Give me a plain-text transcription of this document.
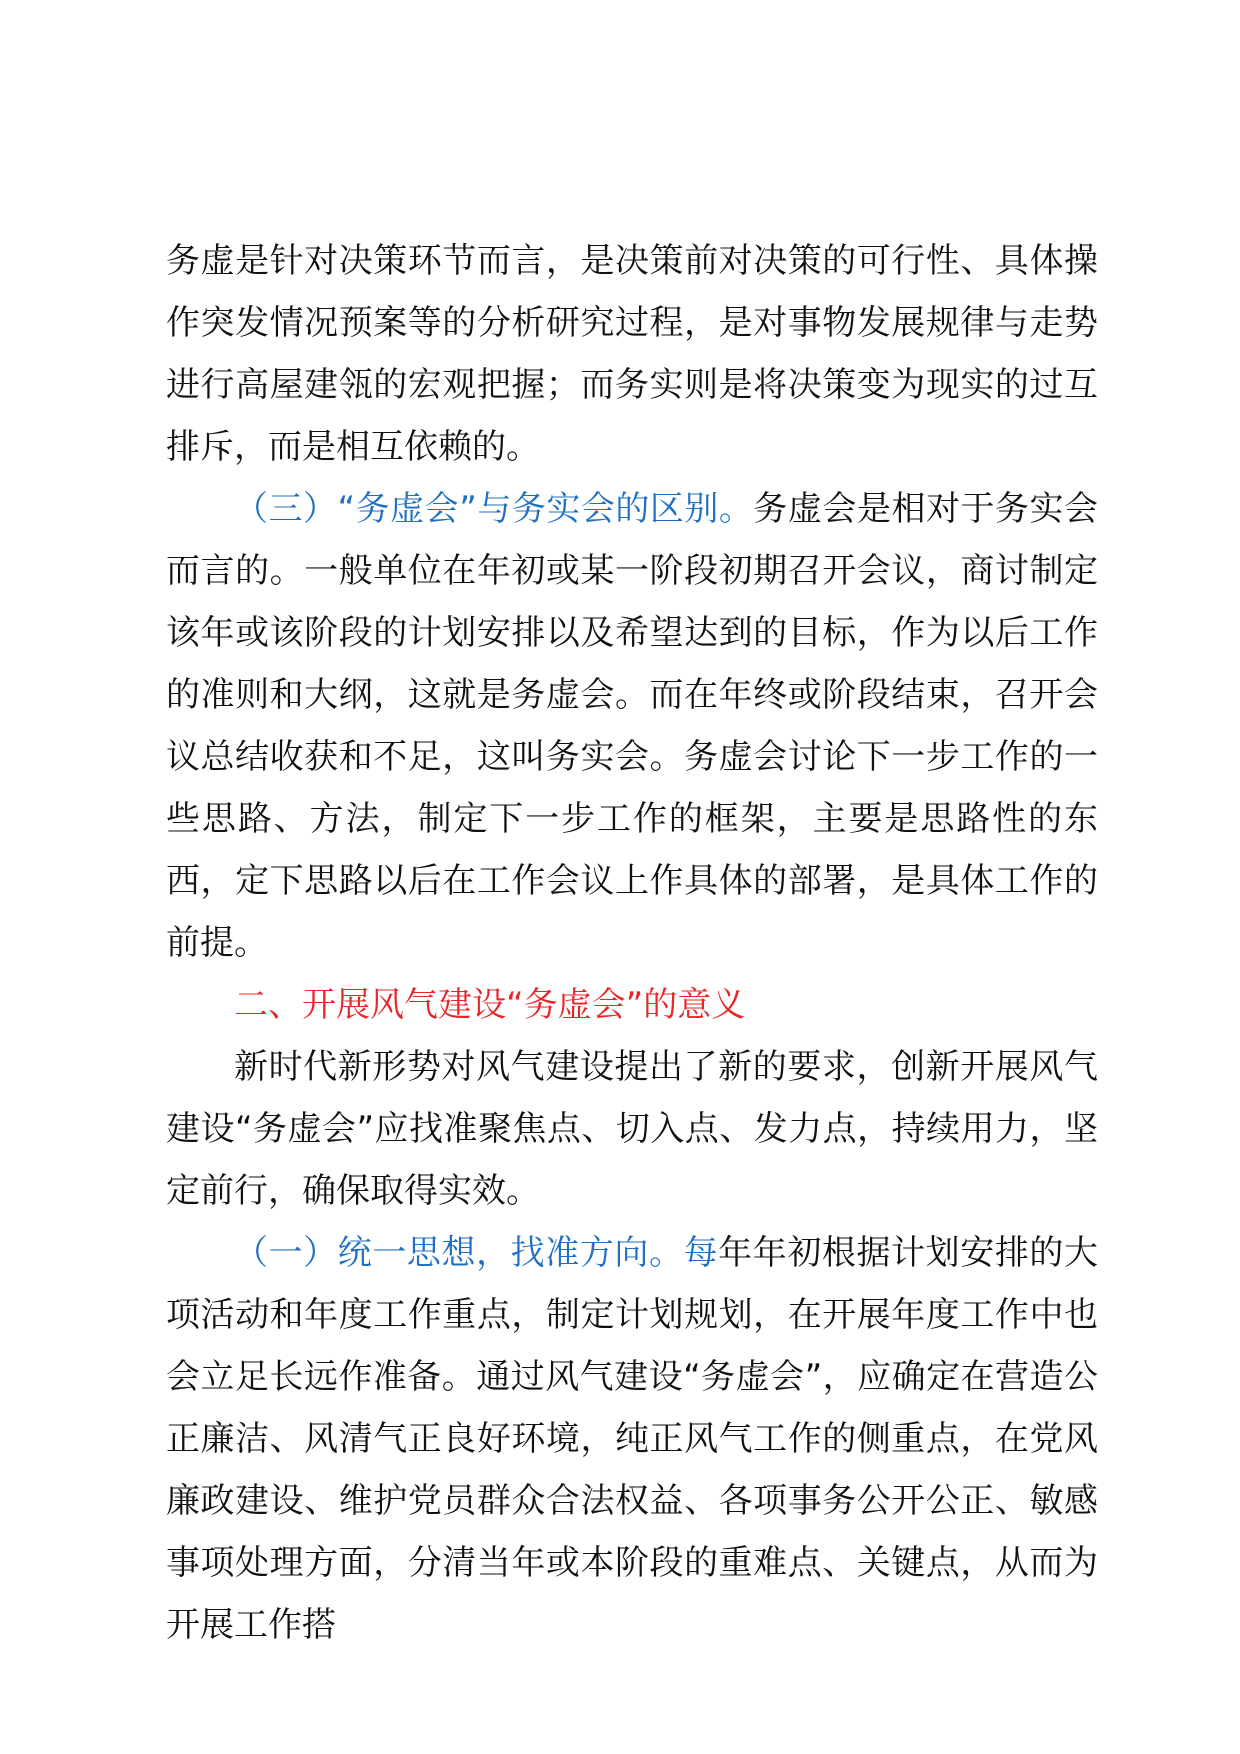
务虚是针对决策环节而言，是决策前对决策的可行性、具体操作突发情况预案等的分析研究过程，是对事物发展规律与走势进行高屋建瓴的宏观把握；而务实则是将决策变为现实的过互排斥，而是相互依赖的。

（三）“务虚会”与务实会的区别。务虚会是相对于务实会而言的。一般单位在年初或某一阶段初期召开会议，商讨制定该年或该阶段的计划安排以及希望达到的目标，作为以后工作的准则和大纲，这就是务虚会。而在年终或阶段结束，召开会议总结收获和不足，这叫务实会。务虚会讨论下一步工作的一些思路、方法，制定下一步工作的框架，主要是思路性的东西，定下思路以后在工作会议上作具体的部署，是具体工作的前提。

二、开展风气建设“务虚会”的意义

新时代新形势对风气建设提出了新的要求，创新开展风气建设“务虚会”应找准聚焦点、切入点、发力点，持续用力，坚定前行，确保取得实效。

（一）统一思想，找准方向。每年年初根据计划安排的大项活动和年度工作重点，制定计划规划，在开展年度工作中也会立足长远作准备。通过风气建设“务虚会”，应确定在营造公正廉洁、风清气正良好环境，纯正风气工作的侧重点，在党风廉政建设、维护党员群众合法权益、各项事务公开公正、敏感事项处理方面，分清当年或本阶段的重难点、关键点，从而为开展工作搭
